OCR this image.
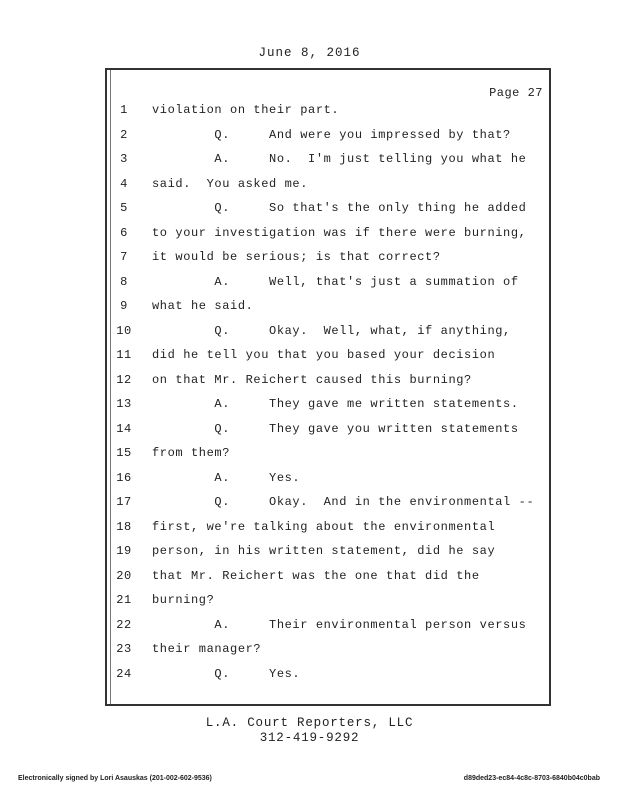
June 8, 2016
Page 27
1	violation on their part.
2	Q.     And were you impressed by that?
3	A.     No.  I'm just telling you what he
4	said.  You asked me.
5	Q.     So that's the only thing he added
6	to your investigation was if there were burning,
7	it would be serious; is that correct?
8	A.     Well, that's just a summation of
9	what he said.
10	Q.     Okay.  Well, what, if anything,
11	did he tell you that you based your decision
12	on that Mr. Reichert caused this burning?
13	A.     They gave me written statements.
14	Q.     They gave you written statements
15	from them?
16	A.     Yes.
17	Q.     Okay.  And in the environmental --
18	first, we're talking about the environmental
19	person, in his written statement, did he say
20	that Mr. Reichert was the one that did the
21	burning?
22	A.     Their environmental person versus
23	their manager?
24	Q.     Yes.
L.A. Court Reporters, LLC
312-419-9292
Electronically signed by Lori Asauskas (201-002-602-9536)	d89ded23-ec84-4c8c-8703-6840b04c0bab
